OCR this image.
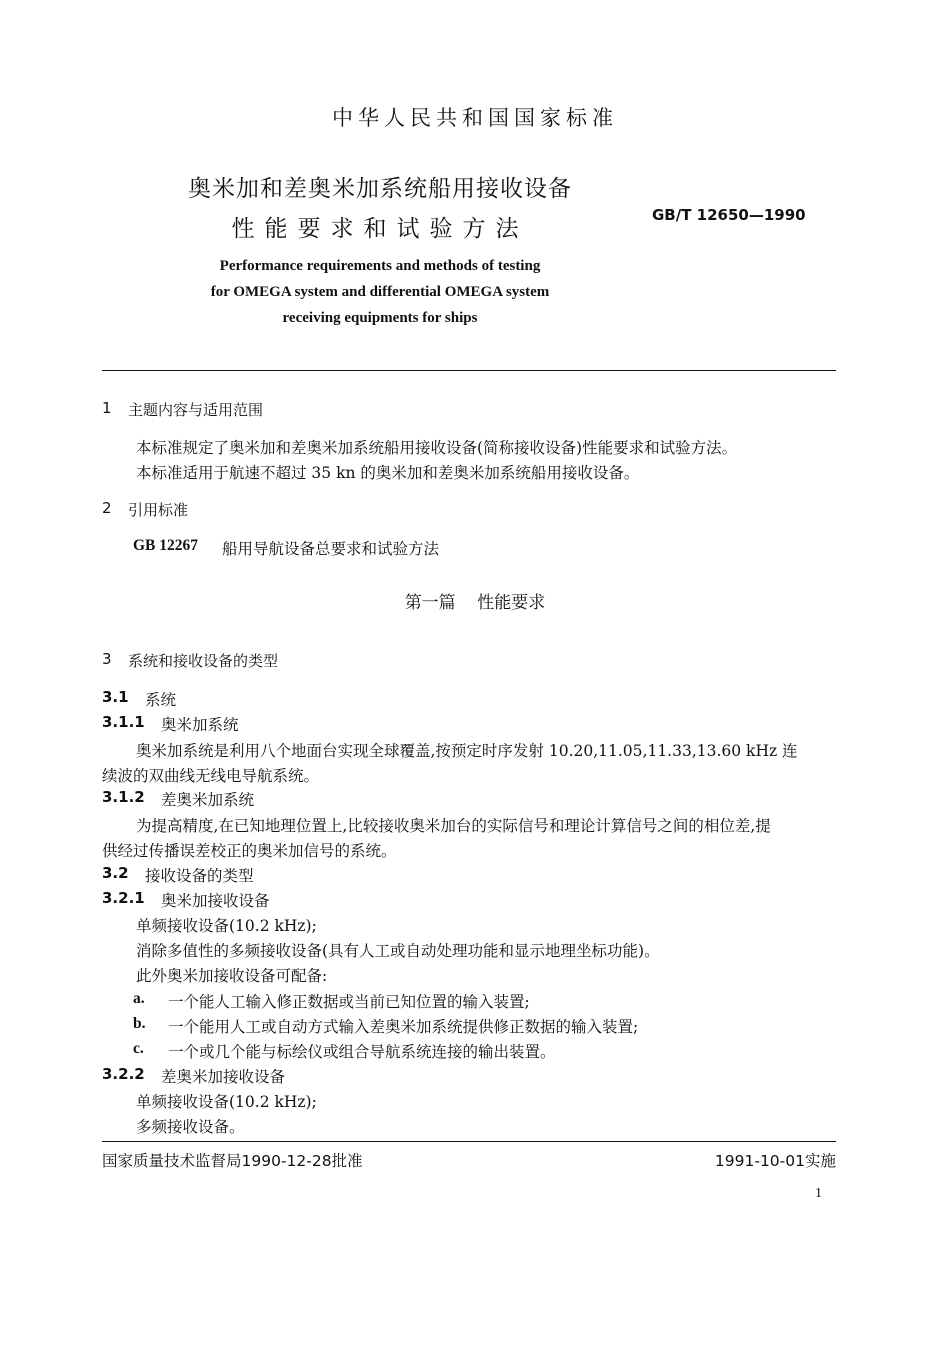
中华人民共和国国家标准
奥米加和差奥米加系统船用接收设备
性能要求和试验方法
GB/T 12650—1990
Performance requirements and methods of testing
for OMEGA system and differential OMEGA system
receiving equipments for ships
1 主题内容与适用范围
本标准规定了奥米加和差奥米加系统船用接收设备(简称接收设备)性能要求和试验方法。
本标准适用于航速不超过 35 kn 的奥米加和差奥米加系统船用接收设备。
2 引用标准
GB 12267 船用导航设备总要求和试验方法
第一篇    性能要求
3 系统和接收设备的类型
3.1 系统
3.1.1 奥米加系统
奥米加系统是利用八个地面台实现全球覆盖,按预定时序发射 10.20,11.05,11.33,13.60 kHz 连
续波的双曲线无线电导航系统。
3.1.2 差奥米加系统
为提高精度,在已知地理位置上,比较接收奥米加台的实际信号和理论计算信号之间的相位差,提
供经过传播误差校正的奥米加信号的系统。
3.2 接收设备的类型
3.2.1 奥米加接收设备
单频接收设备(10.2 kHz);
消除多值性的多频接收设备(具有人工或自动处理功能和显示地理坐标功能)。
此外奥米加接收设备可配备:
a. 一个能人工输入修正数据或当前已知位置的输入装置;
b. 一个能用人工或自动方式输入差奥米加系统提供修正数据的输入装置;
c. 一个或几个能与标绘仪或组合导航系统连接的输出装置。
3.2.2 差奥米加接收设备
单频接收设备(10.2 kHz);
多频接收设备。
国家质量技术监督局1990-12-28批准	1991-10-01实施
1
